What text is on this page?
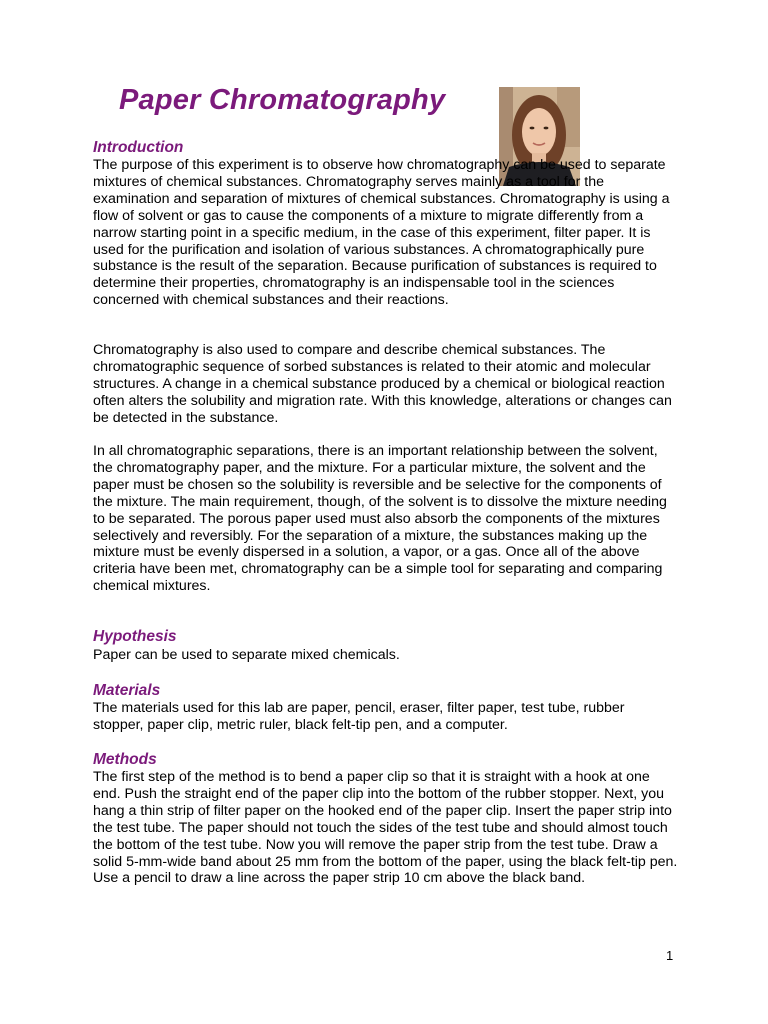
Paper Chromatography
Introduction

The purpose of this experiment is to observe how chromatography can be used to separate mixtures of chemical substances. Chromatography serves mainly as a tool for the examination and separation of mixtures of chemical substances. Chromatography is using a flow of solvent or gas to cause the components of a mixture to migrate differently from a narrow starting point in a specific medium, in the case of this experiment, filter paper. It is used for the purification and isolation of various substances. A chromatographically pure substance is the result of the separation. Because purification of substances is required to determine their properties, chromatography is an indispensable tool in the sciences concerned with chemical substances and their reactions.

Chromatography is also used to compare and describe chemical substances. The chromatographic sequence of sorbed substances is related to their atomic and molecular structures. A change in a chemical substance produced by a chemical or biological reaction often alters the solubility and migration rate. With this knowledge, alterations or changes can be detected in the substance.

In all chromatographic separations, there is an important relationship between the solvent, the chromatography paper, and the mixture. For a particular mixture, the solvent and the paper must be chosen so the solubility is reversible and be selective for the components of the mixture. The main requirement, though, of the solvent is to dissolve the mixture needing to be separated. The porous paper used must also absorb the components of the mixtures selectively and reversibly. For the separation of a mixture, the substances making up the mixture must be evenly dispersed in a solution, a vapor, or a gas. Once all of the above criteria have been met, chromatography can be a simple tool for separating and comparing chemical mixtures.

Hypothesis

Paper can be used to separate mixed chemicals.

Materials

The materials used for this lab are paper, pencil, eraser, filter paper, test tube, rubber stopper, paper clip, metric ruler, black felt-tip pen, and a computer.

Methods

The first step of the method is to bend a paper clip so that it is straight with a hook at one end. Push the straight end of the paper clip into the bottom of the rubber stopper. Next, you hang a thin strip of filter paper on the hooked end of the paper clip. Insert the paper strip into the test tube. The paper should not touch the sides of the test tube and should almost touch the bottom of the test tube. Now you will remove the paper strip from the test tube. Draw a solid 5-mm-wide band about 25 mm from the bottom of the paper, using the black felt-tip pen. Use a pencil to draw a line across the paper strip 10 cm above the black band.

1
